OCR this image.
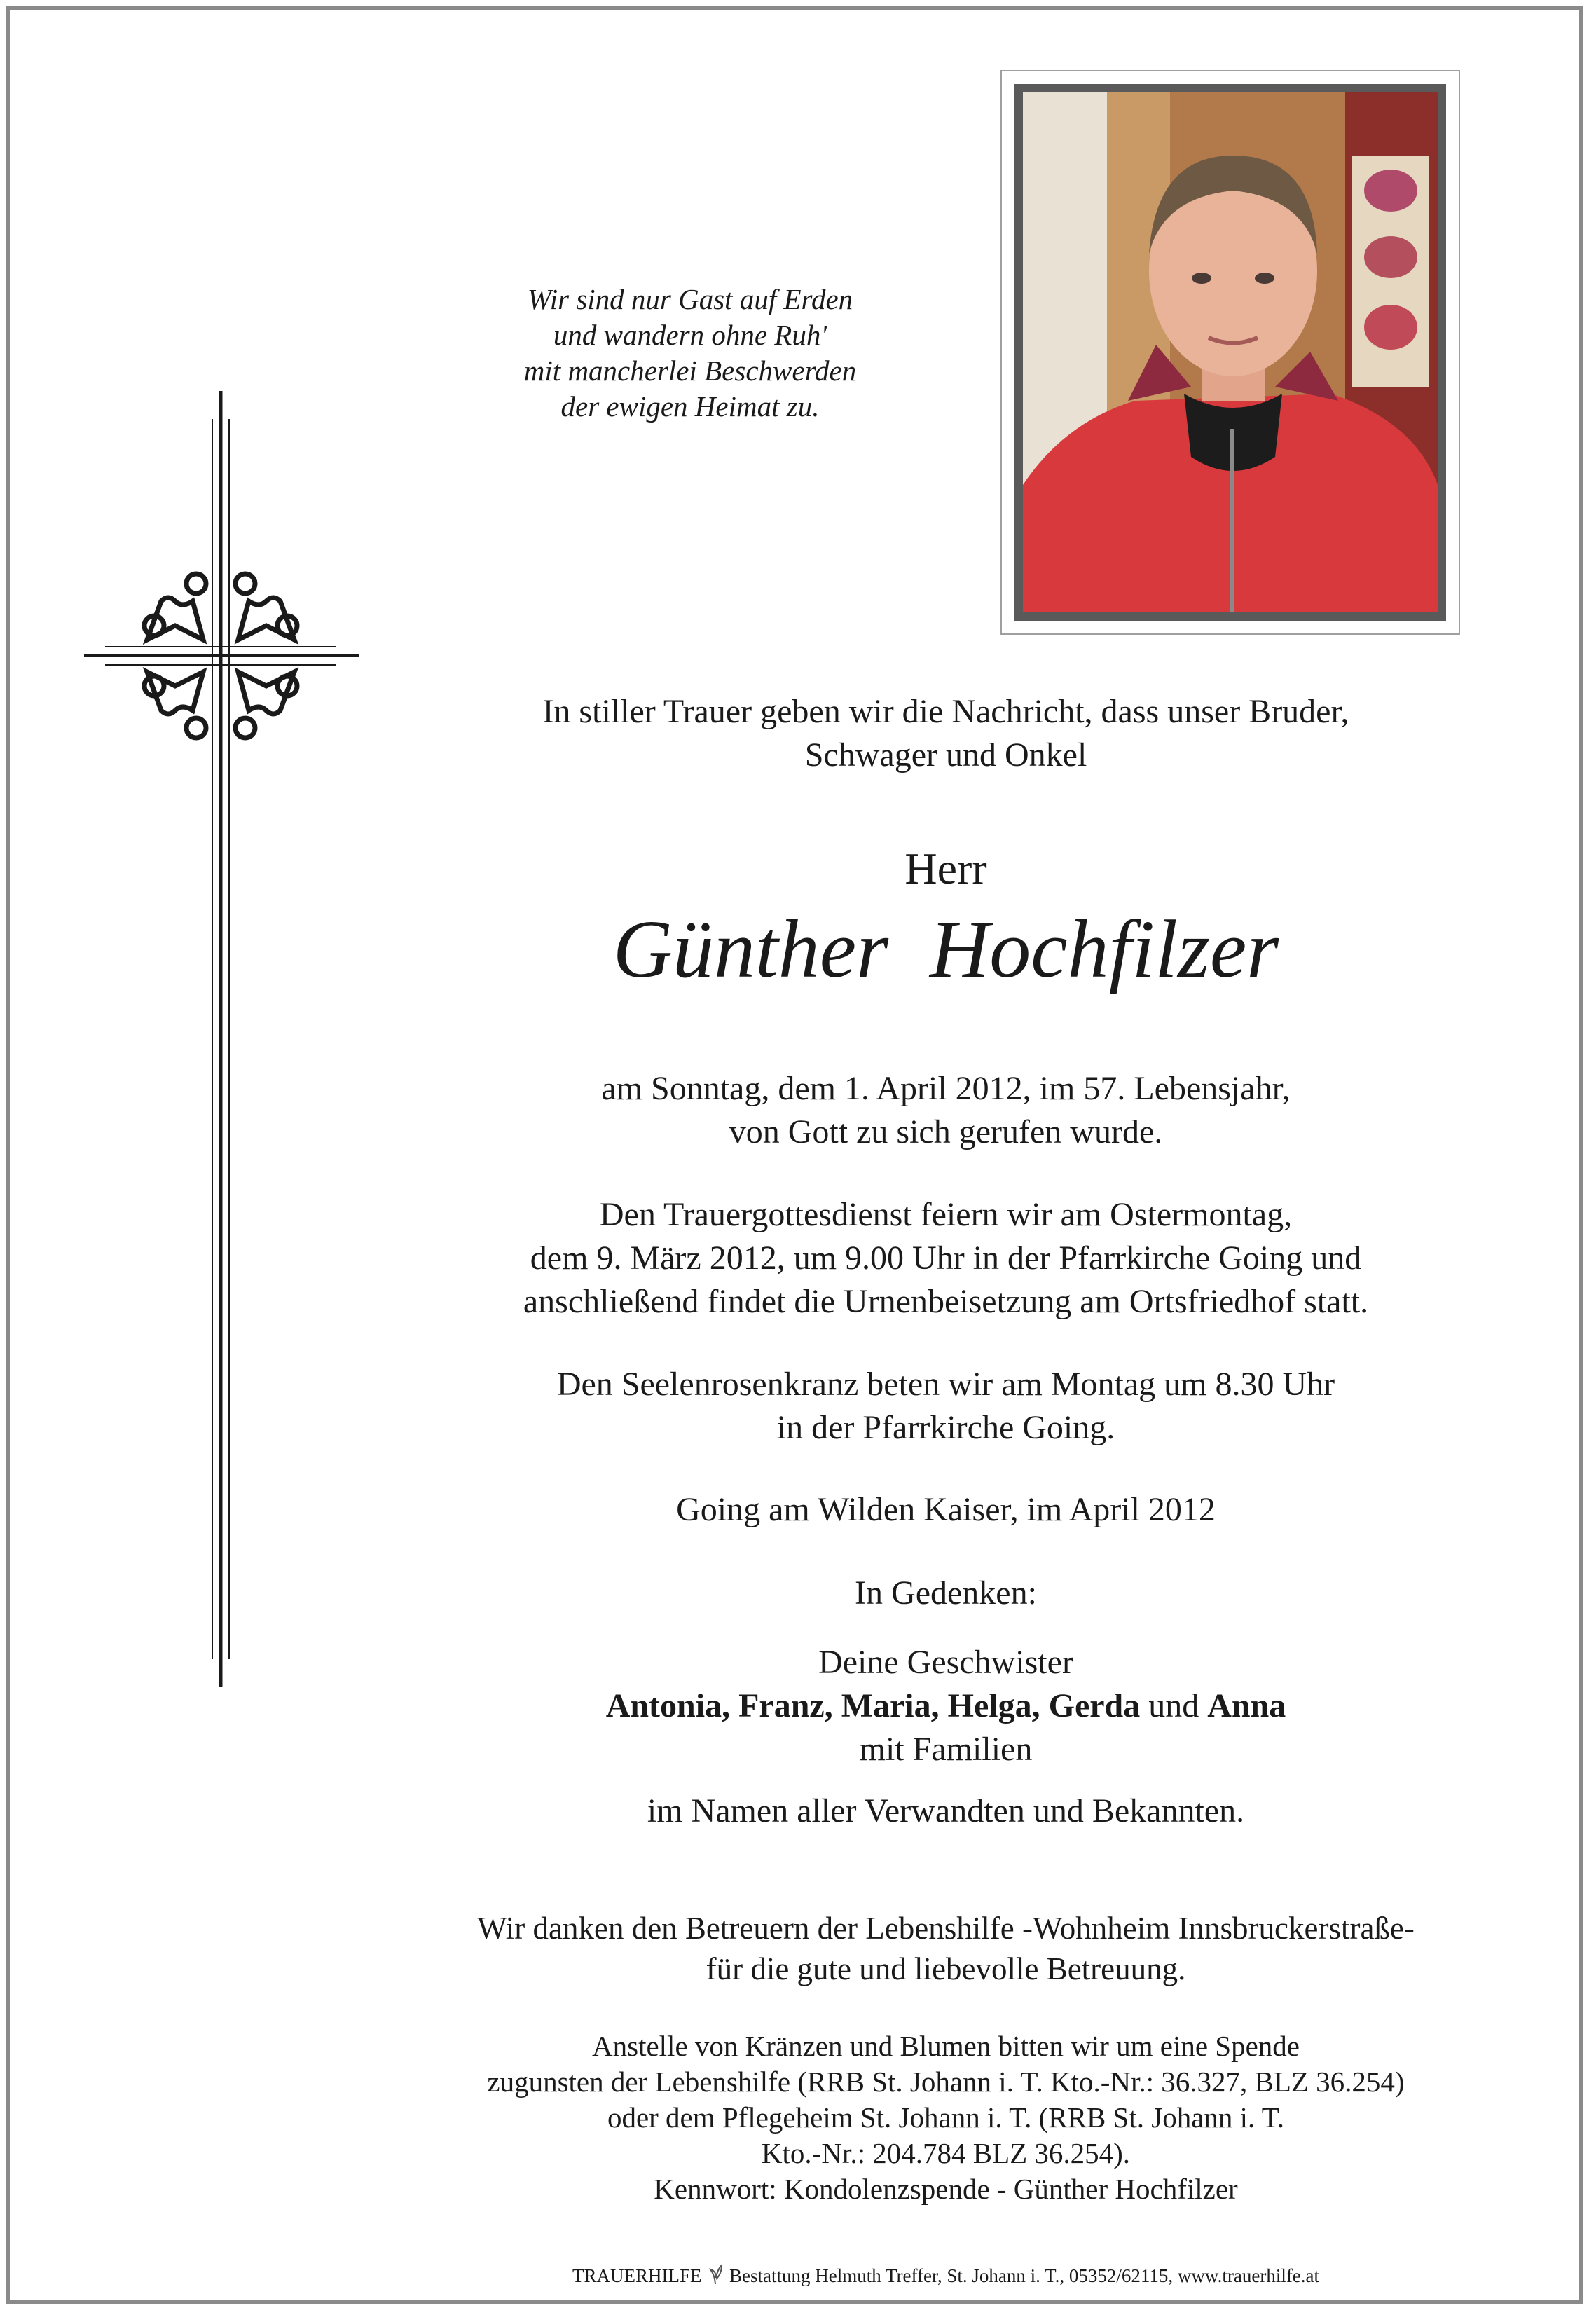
Wir sind nur Gast auf Erden

und wandern ohne Ruh'

mit mancherlei Beschwerden

der ewigen Heimat zu.

In stiller Trauer geben wir die Nachricht, dass unser Bruder,

Schwager und Onkel

Herr
Günther  Hochfilzer

am Sonntag, dem 1. April 2012, im 57. Lebensjahr,

von Gott zu sich gerufen wurde.

Den Trauergottesdienst feiern wir am Ostermontag,

dem 9. März 2012, um 9.00 Uhr in der Pfarrkirche Going und

anschließend findet die Urnenbeisetzung am Ortsfriedhof statt.

Den Seelenrosenkranz beten wir am Montag um 8.30 Uhr

in der Pfarrkirche Going.

Going am Wilden Kaiser, im April 2012
In Gedenken:

Deine Geschwister

Antonia, Franz, Maria, Helga, Gerda und Anna

mit Familien

im Namen aller Verwandten und Bekannten.

Wir danken den Betreuern der Lebenshilfe -Wohnheim Innsbruckerstraße-

für die gute und liebevolle Betreuung.

Anstelle von Kränzen und Blumen bitten wir um eine Spende

zugunsten der Lebenshilfe (RRB St. Johann i. T. Kto.-Nr.: 36.327, BLZ 36.254)

oder dem Pflegeheim St. Johann i. T. (RRB St. Johann i. T.

Kto.-Nr.: 204.784 BLZ 36.254).

Kennwort: Kondolenzspende - Günther Hochfilzer

TRAUERHILFE Bestattung Helmuth Treffer, St. Johann i. T., 05352/62115, www.trauerhilfe.at
